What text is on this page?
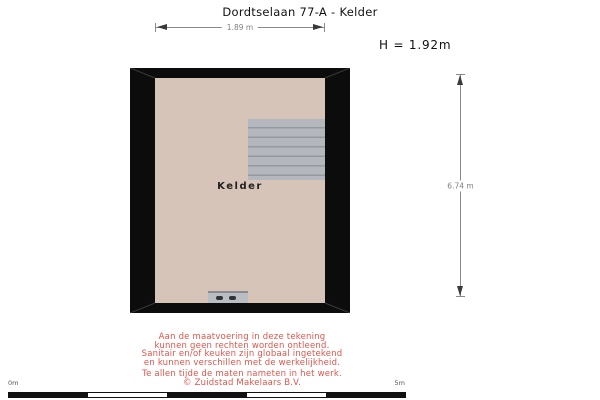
Dordtselaan 77-A - Kelder
1.89 m
H = 1.92m
Kelder	6.74 m
Aan de maatvoering in deze tekening
kunnen geen rechten worden ontleend.
Sanitair en/of keuken zijn globaal ingetekend
en kunnen verschillen met de werkelijkheid.
Te allen tijde de maten nameten in het werk.
© Zuidstad Makelaars B.V.
0m	5m
